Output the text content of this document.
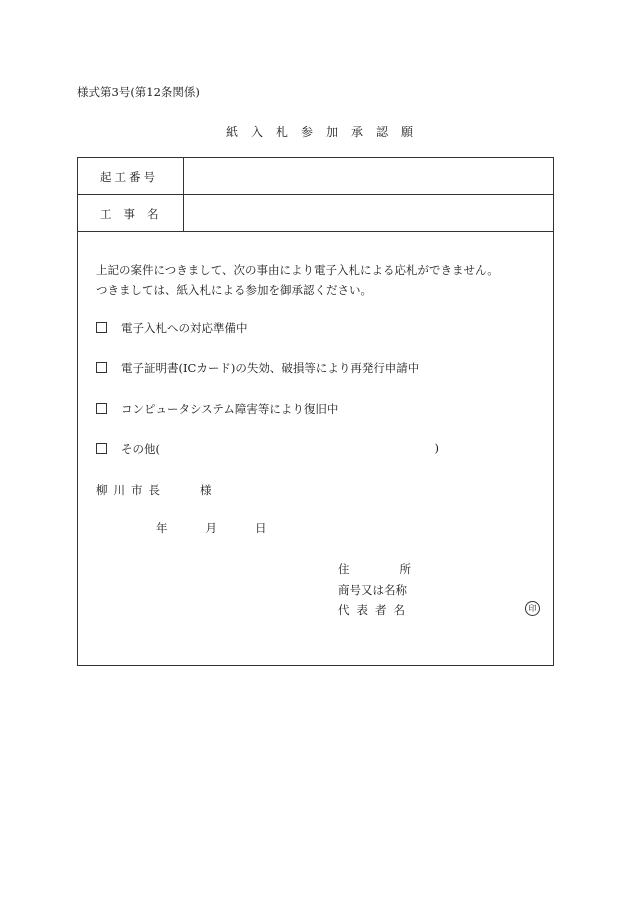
様式第3号(第12条関係)
紙入札参加承認願
起工番号
工事名

上記の案件につきまして、次の事由により電子入札による応札ができません。

つきましては、紙入札による参加を御承認ください。

電子入札への対応準備中
電子証明書(ICカード)の失効、破損等により再発行申請中
コンピュータシステム障害等により復旧中
その他(	)
柳川市長	様
年	月	日
住	所
商号又は名称
代表者名	印
